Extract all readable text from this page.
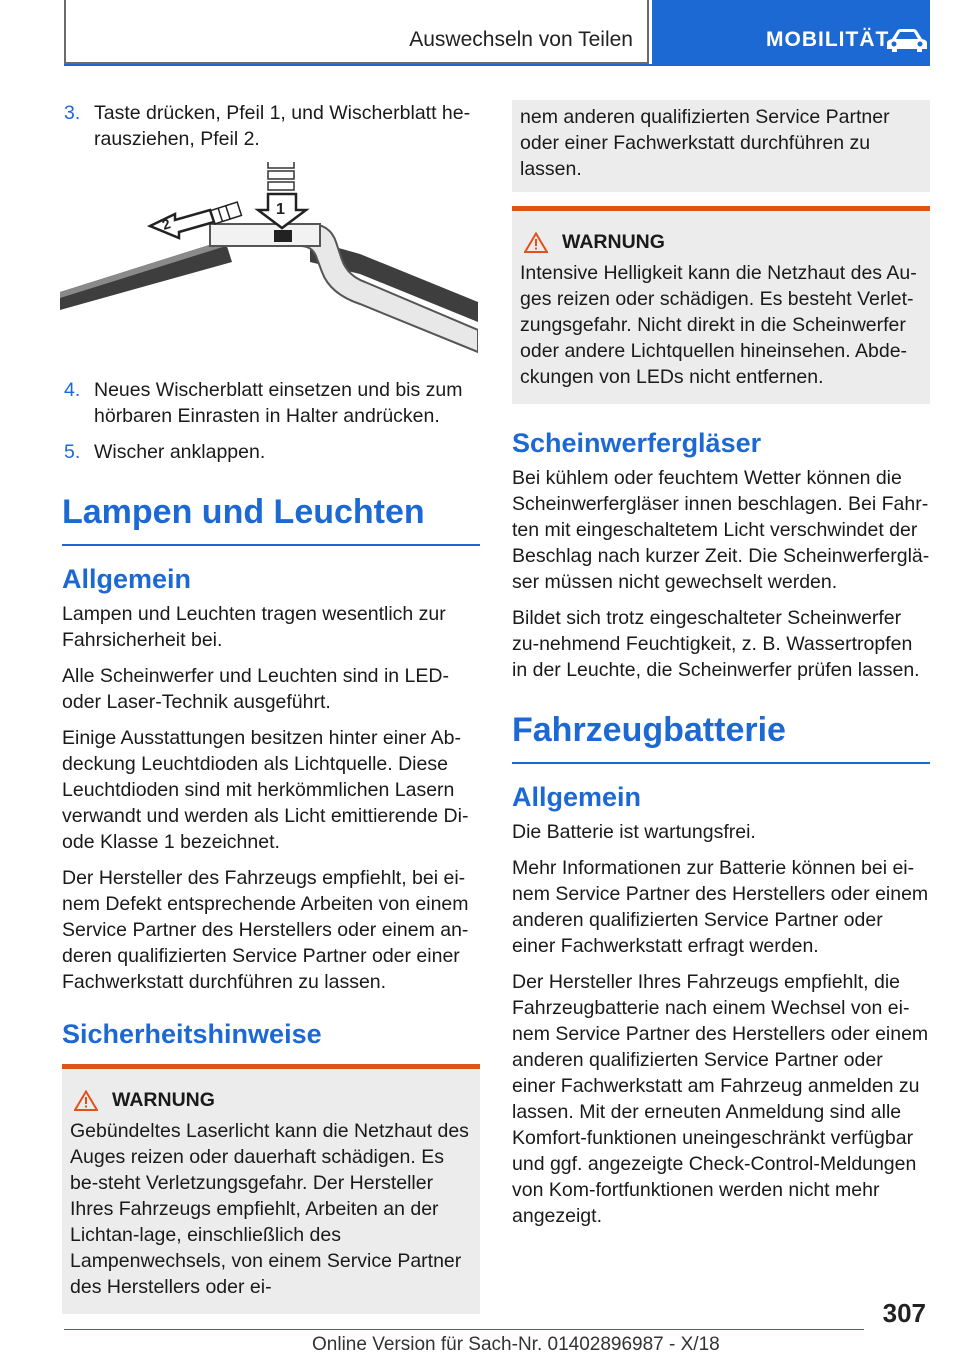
Auswechseln von Teilen	MOBILITÄT
3. Taste drücken, Pfeil 1, und Wischerblatt he-rausziehen, Pfeil 2.
2
1
4. Neues Wischerblatt einsetzen und bis zum hörbaren Einrasten in Halter andrücken.
5. Wischer anklappen.
Lampen und Leuchten
Allgemein

Lampen und Leuchten tragen wesentlich zur Fahrsicherheit bei.

Alle Scheinwerfer und Leuchten sind in LED- oder Laser-Technik ausgeführt.

Einige Ausstattungen besitzen hinter einer Ab-deckung Leuchtdioden als Lichtquelle. Diese Leuchtdioden sind mit herkömmlichen Lasern verwandt und werden als Licht emittierende Di-ode Klasse 1 bezeichnet.

Der Hersteller des Fahrzeugs empfiehlt, bei ei-nem Defekt entsprechende Arbeiten von einem Service Partner des Herstellers oder einem an-deren qualifizierten Service Partner oder einer Fachwerkstatt durchführen zu lassen.

Sicherheitshinweise
WARNUNG
Gebündeltes Laserlicht kann die Netzhaut des Auges reizen oder dauerhaft schädigen. Es be-steht Verletzungsgefahr. Der Hersteller Ihres Fahrzeugs empfiehlt, Arbeiten an der Lichtan-lage, einschließlich des Lampenwechsels, von einem Service Partner des Herstellers oder ei-
nem anderen qualifizierten Service Partner oder einer Fachwerkstatt durchführen zu lassen.
WARNUNG
Intensive Helligkeit kann die Netzhaut des Au-ges reizen oder schädigen. Es besteht Verlet-zungsgefahr. Nicht direkt in die Scheinwerfer oder andere Lichtquellen hineinsehen. Abde-ckungen von LEDs nicht entfernen.
Scheinwerfergläser

Bei kühlem oder feuchtem Wetter können die Scheinwerfergläser innen beschlagen. Bei Fahr-ten mit eingeschaltetem Licht verschwindet der Beschlag nach kurzer Zeit. Die Scheinwerferglä-ser müssen nicht gewechselt werden.

Bildet sich trotz eingeschalteter Scheinwerfer zu-nehmend Feuchtigkeit, z. B. Wassertropfen in der Leuchte, die Scheinwerfer prüfen lassen.

Fahrzeugbatterie
Allgemein

Die Batterie ist wartungsfrei.

Mehr Informationen zur Batterie können bei ei-nem Service Partner des Herstellers oder einem anderen qualifizierten Service Partner oder einer Fachwerkstatt erfragt werden.

Der Hersteller Ihres Fahrzeugs empfiehlt, die Fahrzeugbatterie nach einem Wechsel von ei-nem Service Partner des Herstellers oder einem anderen qualifizierten Service Partner oder einer Fachwerkstatt am Fahrzeug anmelden zu lassen. Mit der erneuten Anmeldung sind alle Komfort-funktionen uneingeschränkt verfügbar und ggf. angezeigte Check-Control-Meldungen von Kom-fortfunktionen werden nicht mehr angezeigt.

307
Online Version für Sach-Nr. 01402896987 - X/18
